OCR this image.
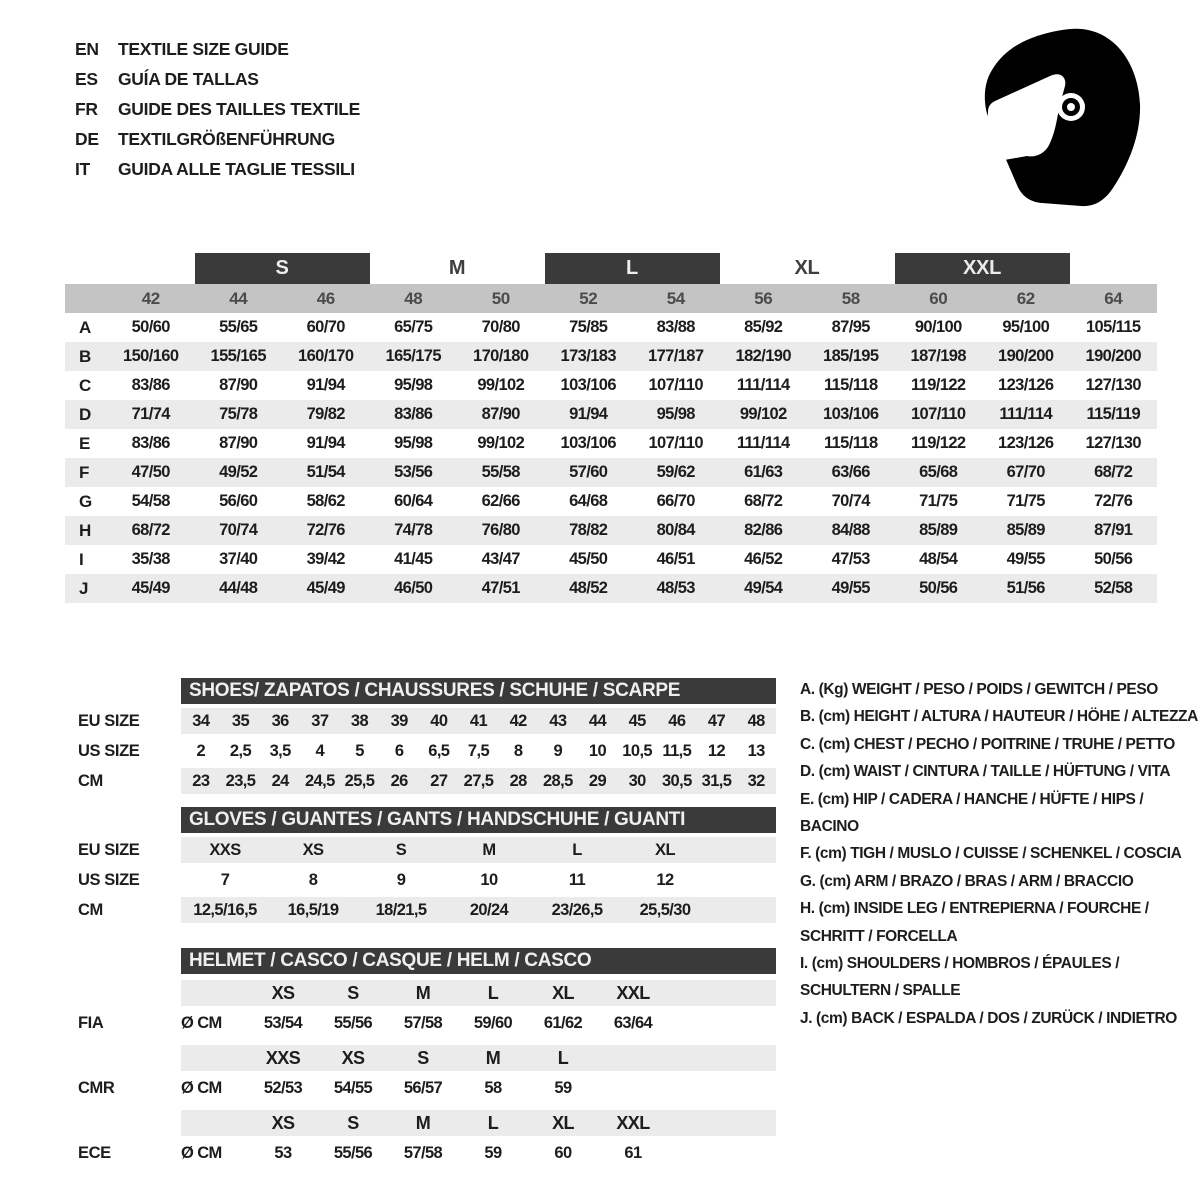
EN	TEXTILE SIZE GUIDE
ES	GUÍA DE TALLAS
FR	GUIDE DES TAILLES TEXTILE
DE	TEXTILGRÖßENFÜHRUNG
IT	GUIDA ALLE TAGLIE TESSILI
S	M	L	XL	XXL
42	44	46	48	50	52	54	56	58	60	62	64
A	50/60	55/65	60/70	65/75	70/80	75/85	83/88	85/92	87/95	90/100	95/100	105/115
B	150/160	155/165	160/170	165/175	170/180	173/183	177/187	182/190	185/195	187/198	190/200	190/200
C	83/86	87/90	91/94	95/98	99/102	103/106	107/110	111/114	115/118	119/122	123/126	127/130
D	71/74	75/78	79/82	83/86	87/90	91/94	95/98	99/102	103/106	107/110	111/114	115/119
E	83/86	87/90	91/94	95/98	99/102	103/106	107/110	111/114	115/118	119/122	123/126	127/130
F	47/50	49/52	51/54	53/56	55/58	57/60	59/62	61/63	63/66	65/68	67/70	68/72
G	54/58	56/60	58/62	60/64	62/66	64/68	66/70	68/72	70/74	71/75	71/75	72/76
H	68/72	70/74	72/76	74/78	76/80	78/82	80/84	82/86	84/88	85/89	85/89	87/91
I	35/38	37/40	39/42	41/45	43/47	45/50	46/51	46/52	47/53	48/54	49/55	50/56
J	45/49	44/48	45/49	46/50	47/51	48/52	48/53	49/54	49/55	50/56	51/56	52/58
SHOES/ ZAPATOS / CHAUSSURES / SCHUHE / SCARPE
EU SIZE	34	35	36	37	38	39	40	41	42	43	44	45	46	47	48
US SIZE	2	2,5	3,5	4	5	6	6,5	7,5	8	9	10 10,5 11,5	12	13
CM	23 23,5 24 24,5 25,5 26	27 27,5 28 28,5 29	30 30,5 31,5 32
GLOVES / GUANTES / GANTS / HANDSCHUHE / GUANTI
EU SIZE	XXS	XS	S	M	L	XL
US SIZE	7	8	9	10	11	12
CM	12,5/16,5	16,5/19	18/21,5	20/24	23/26,5	25,5/30
HELMET / CASCO / CASQUE / HELM / CASCO
XS	S	M	L	XL	XXL
FIA	Ø CM	53/54	55/56	57/58	59/60	61/62	63/64
XXS	XS	S	M	L
CMR	Ø CM	52/53	54/55	56/57	58	59
XS	S	M	L	XL	XXL
ECE	Ø CM	53	55/56	57/58	59	60	61
A. (Kg) WEIGHT / PESO / POIDS / GEWITCH / PESO
B. (cm) HEIGHT / ALTURA / HAUTEUR / HÖHE / ALTEZZA
C. (cm) CHEST / PECHO / POITRINE / TRUHE / PETTO
D. (cm) WAIST / CINTURA / TAILLE / HÜFTUNG / VITA
E. (cm) HIP / CADERA / HANCHE / HÜFTE / HIPS / BACINO
F. (cm) TIGH / MUSLO / CUISSE / SCHENKEL / COSCIA
G. (cm) ARM / BRAZO / BRAS / ARM / BRACCIO
H. (cm) INSIDE LEG / ENTREPIERNA / FOURCHE / SCHRITT / FORCELLA
I. (cm) SHOULDERS / HOMBROS / ÉPAULES / SCHULTERN / SPALLE
J. (cm) BACK / ESPALDA / DOS / ZURÜCK / INDIETRO
